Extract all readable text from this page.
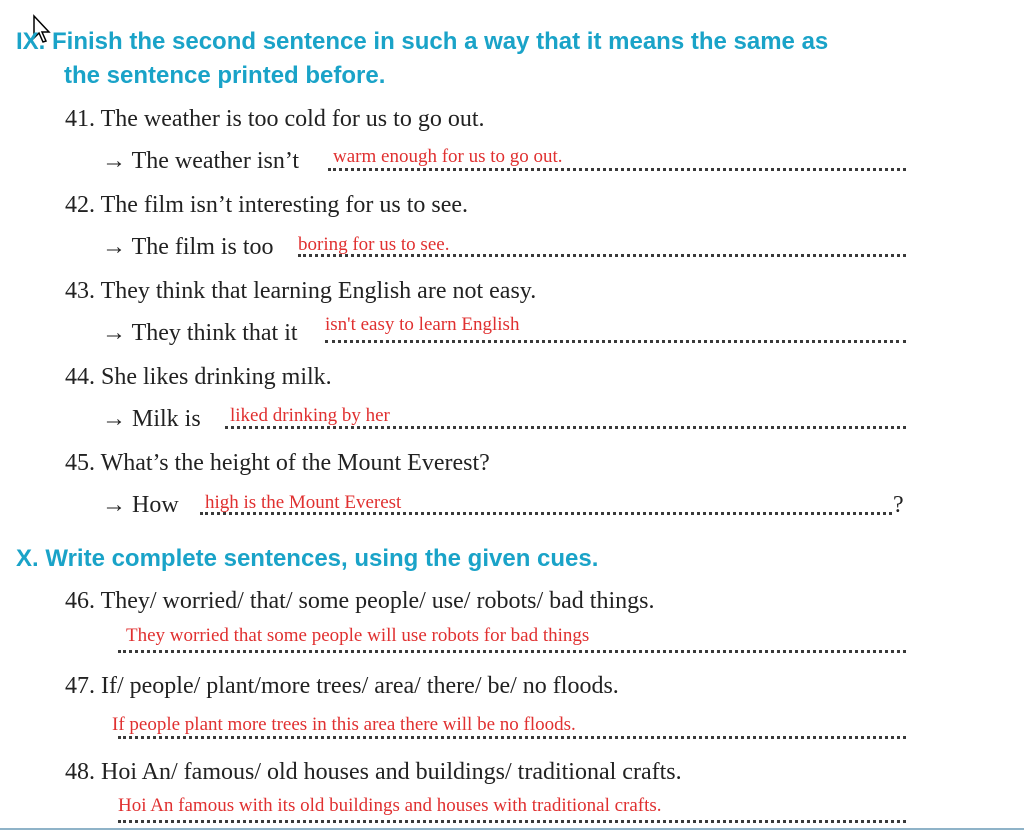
IX. Finish the second sentence in such a way that it means the same as
the sentence printed before.
41. The weather is too cold for us to go out.
→ The weather isn’t warm enough for us to go out.
42. The film isn’t interesting for us to see.
→ The film is too boring for us to see.
43. They think that learning English are not easy.
→ They think that it isn't easy to learn English
44. She likes drinking milk.
→ Milk is liked drinking by her
45. What’s the height of the Mount Everest?
→ How high is the Mount Everest	?
X. Write complete sentences, using the given cues.
46. They/ worried/ that/ some people/ use/ robots/ bad things.
They worried that some people will use robots for bad things
47. If/ people/ plant/more trees/ area/ there/ be/ no floods.
If people plant more trees in this area there will be no floods.
48. Hoi An/ famous/ old houses and buildings/ traditional crafts.
Hoi An famous with its old buildings and houses with traditional crafts.
